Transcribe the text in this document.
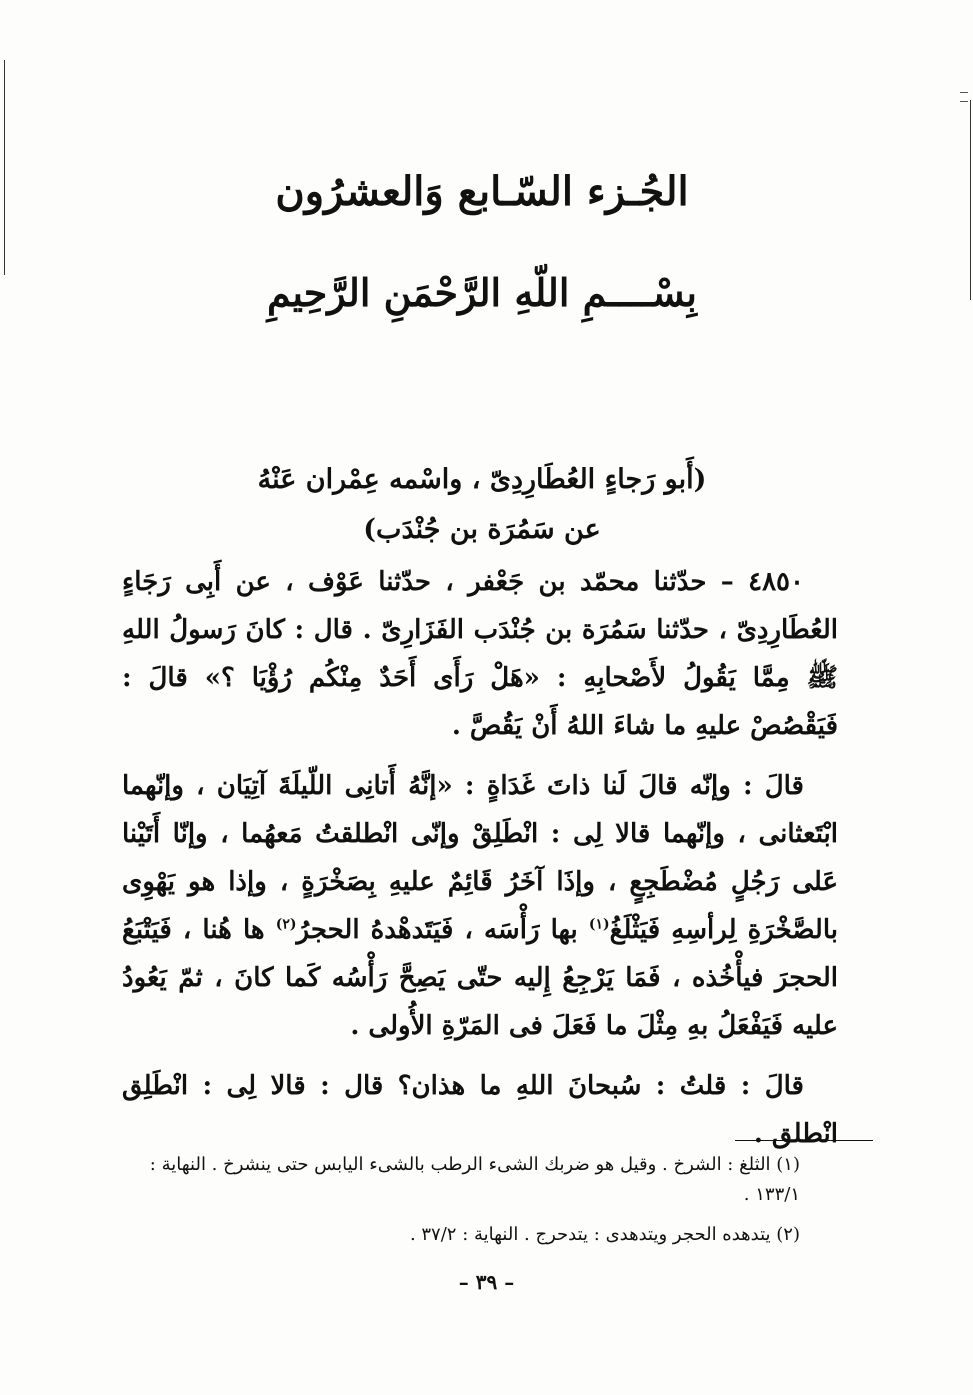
الجُـزء السّـابع وَالعشرُون
بِسْــــمِ اللّهِ الرَّحْمَنِ الرَّحِيمِ
(أَبو رَجاءٍ العُطَارِدِىّ ، واسْمه عِمْران عَنْهُ
عن سَمُرَة بن جُنْدَب)

٤٨٥٠ – حدّثنا محمّد بن جَعْفر ، حدّثنا عَوْف ، عن أَبِى رَجَاءٍ العُطَارِدِىّ ، حدّثنا سَمُرَة بن جُنْدَب الفَزَارِىّ . قال : كانَ رَسولُ اللهِ ﷺ مِمَّا يَقُولُ لأَصْحابِهِ : «هَلْ رَأَى أَحَدٌ مِنْكُم رُؤْيَا ؟» قالَ : فَيَقْصُصْ عليهِ ما شاءَ اللهُ أَنْ يَقُصَّ .

قالَ : وإنّه قالَ لَنا ذاتَ غَدَاةٍ : «إنَّهُ أَتانِى اللّيلَةَ آتِيَان ، وإنّهما ابْتَعثانى ، وإنّهما قالا لِى : انْطَلِقْ وإنّى انْطلقتُ مَعهُما ، وإنّا أَتَيْنا عَلى رَجُلٍ مُضْطَجِعٍ ، وإذَا آخَرُ قَائِمٌ عليهِ بِصَخْرَةٍ ، وإذا هو يَهْوِى بالصَّخْرَةِ لِرأسِهِ فَيَثْلَغُ$^{(١)}$ بها رَأْسَه ، فَيَتَدهْدهُ الحجرُ$^{(٢)}$ ها هُنا ، فَيَتْبَعُ الحجرَ فيأْخُذه ، فَمَا يَرْجِعُ إِليه حتّى يَصِحَّ رَأْسُه كَما كانَ ، ثمّ يَعُودُ عليه فَيَفْعَلُ بهِ مِثْلَ ما فَعَلَ فى المَرّةِ الأُولى .

قالَ : قلتُ : سُبحانَ اللهِ ما هذان؟ قال : قالا لِى : انْطَلِق انْطلق .

(١) الثلغ : الشرخ . وقيل هو ضربك الشىء الرطب بالشىء اليابس حتى ينشرخ . النهاية : ١٣٣/١ .

(٢) يتدهده الحجر ويتدهدى : يتدحرج . النهاية : ٣٧/٢ .

– ٣٩ –
